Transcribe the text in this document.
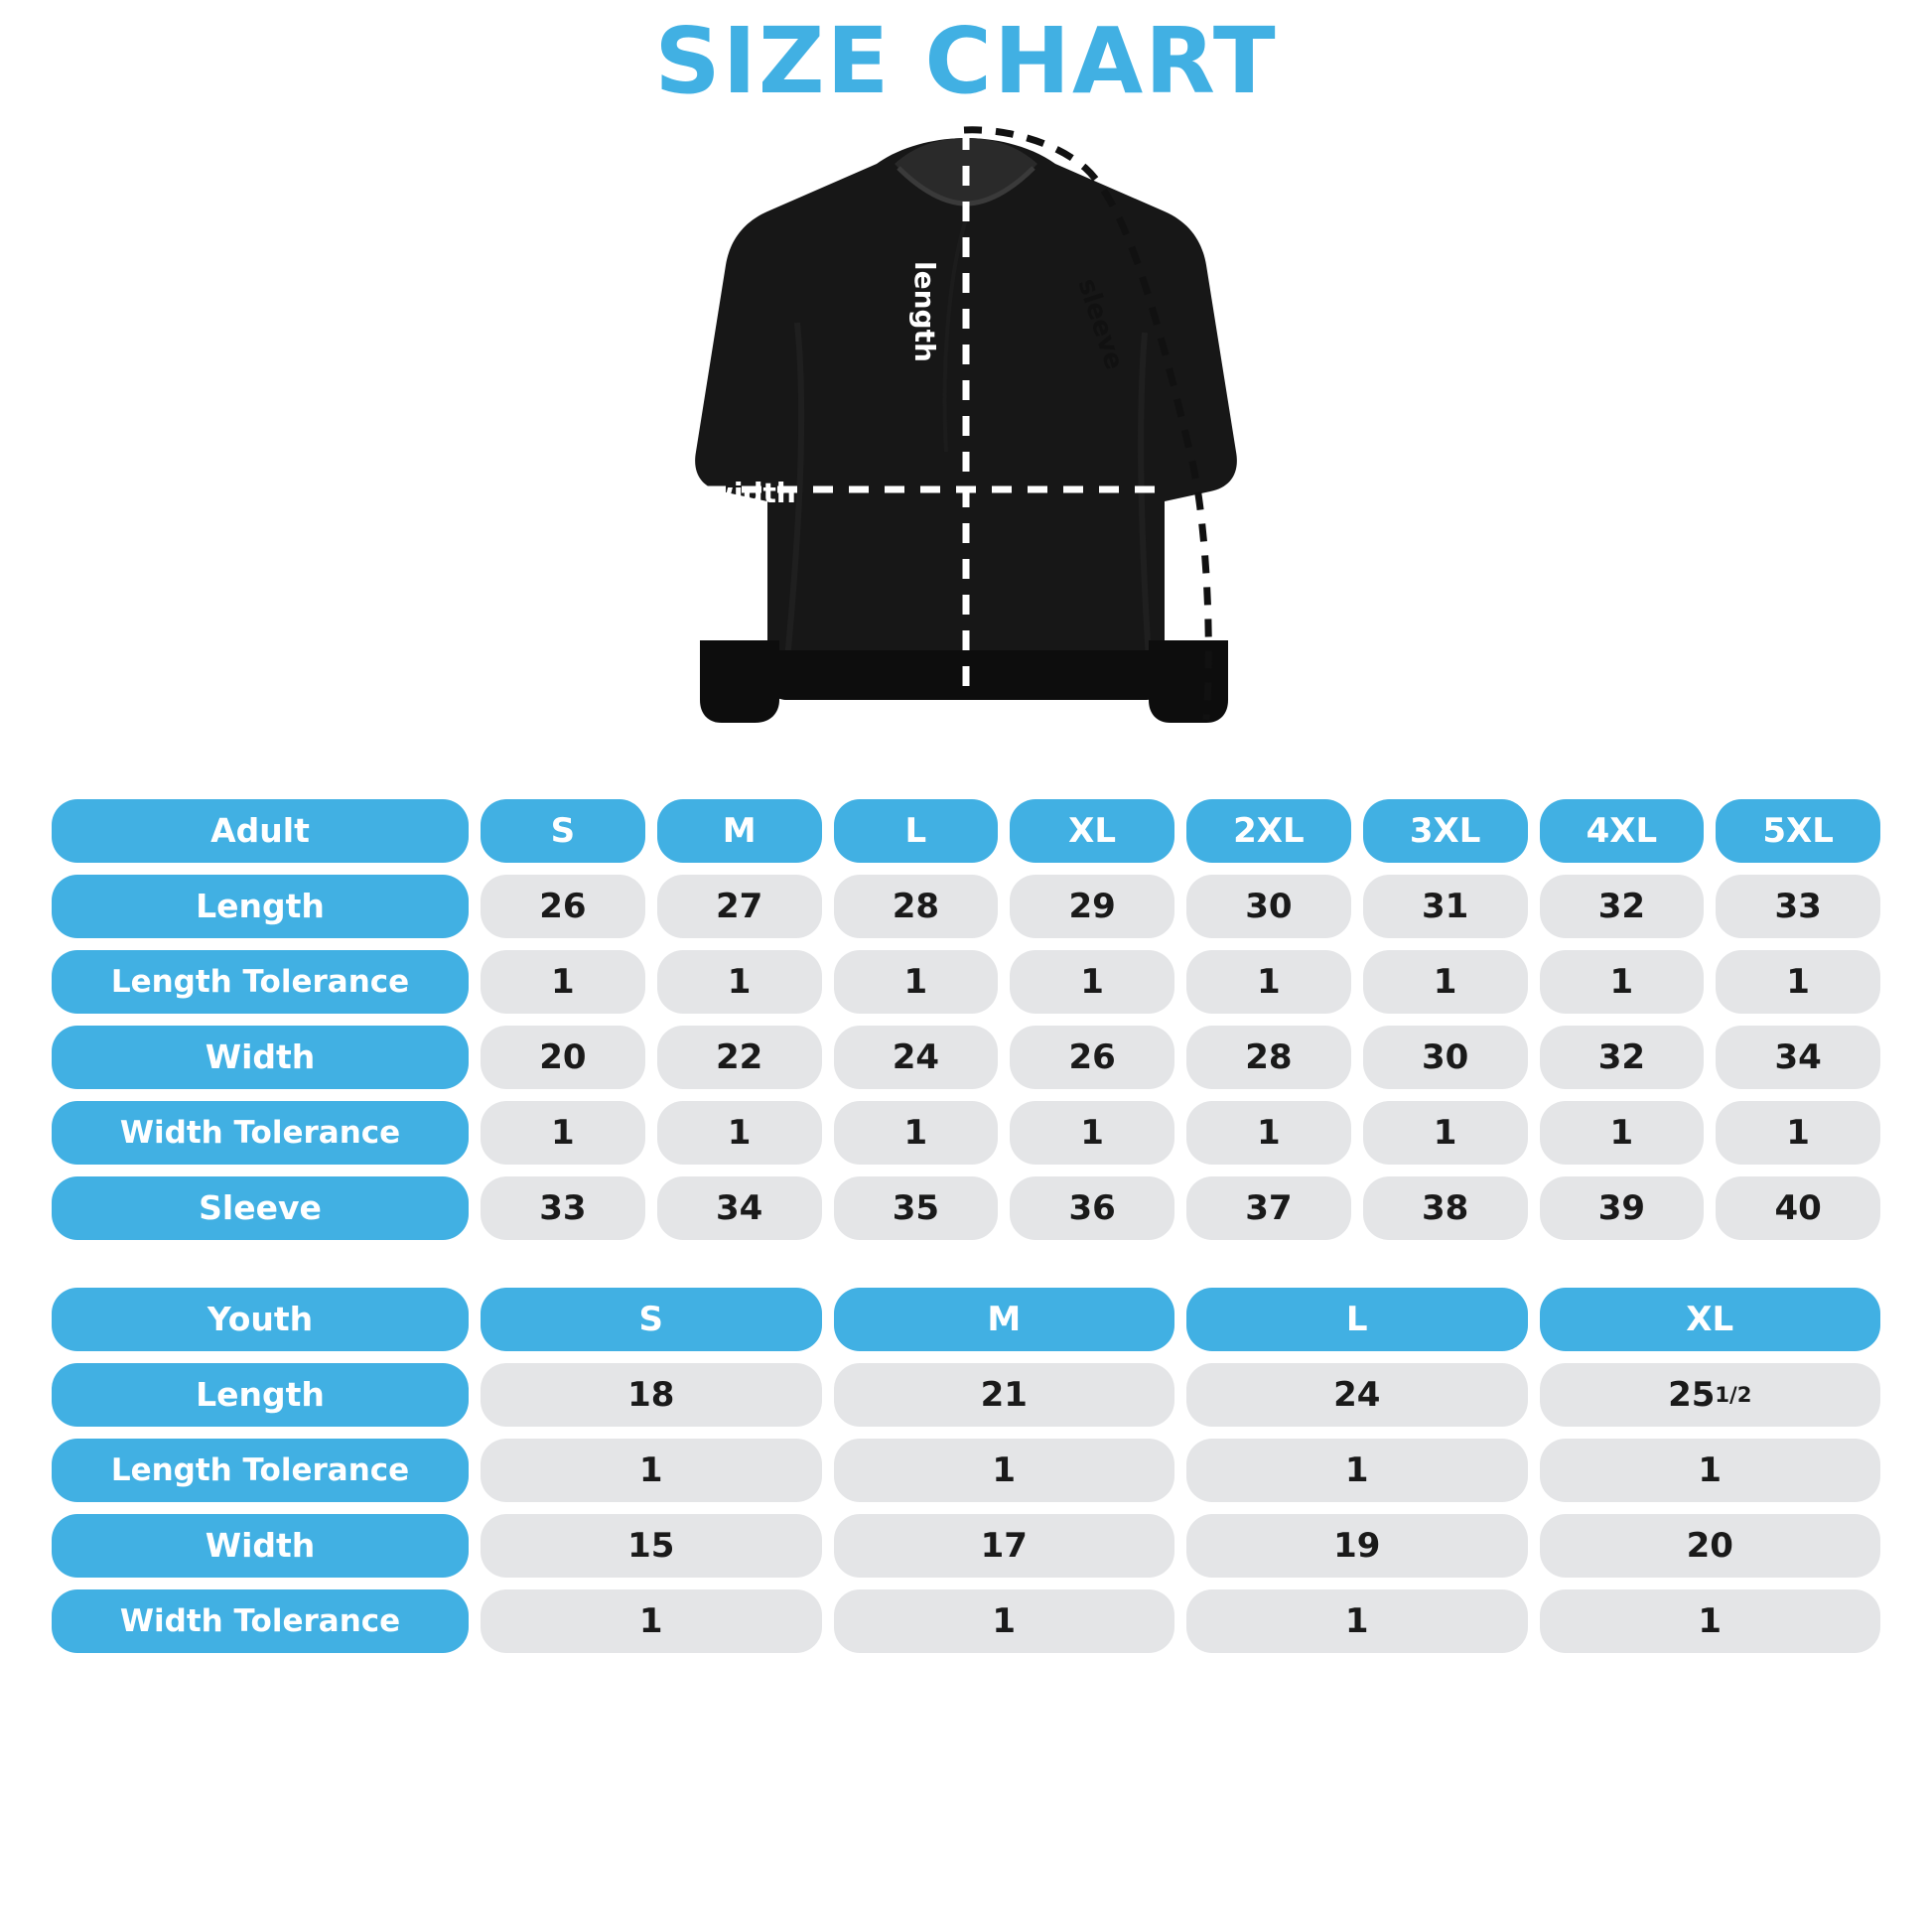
SIZE CHART
width
length	sleeve
Adult	S	M	L	XL	2XL	3XL	4XL	5XL
Length	26	27	28	29	30	31	32	33
Length Tolerance	1	1	1	1	1	1	1	1
Width	20	22	24	26	28	30	32	34
Width Tolerance	1	1	1	1	1	1	1	1
Sleeve	33	34	35	36	37	38	39	40
Youth	S	M	L	XL
Length	18	21	24	25 1/2
Length Tolerance	1	1	1	1
Width	15	17	19	20
Width Tolerance	1	1	1	1
